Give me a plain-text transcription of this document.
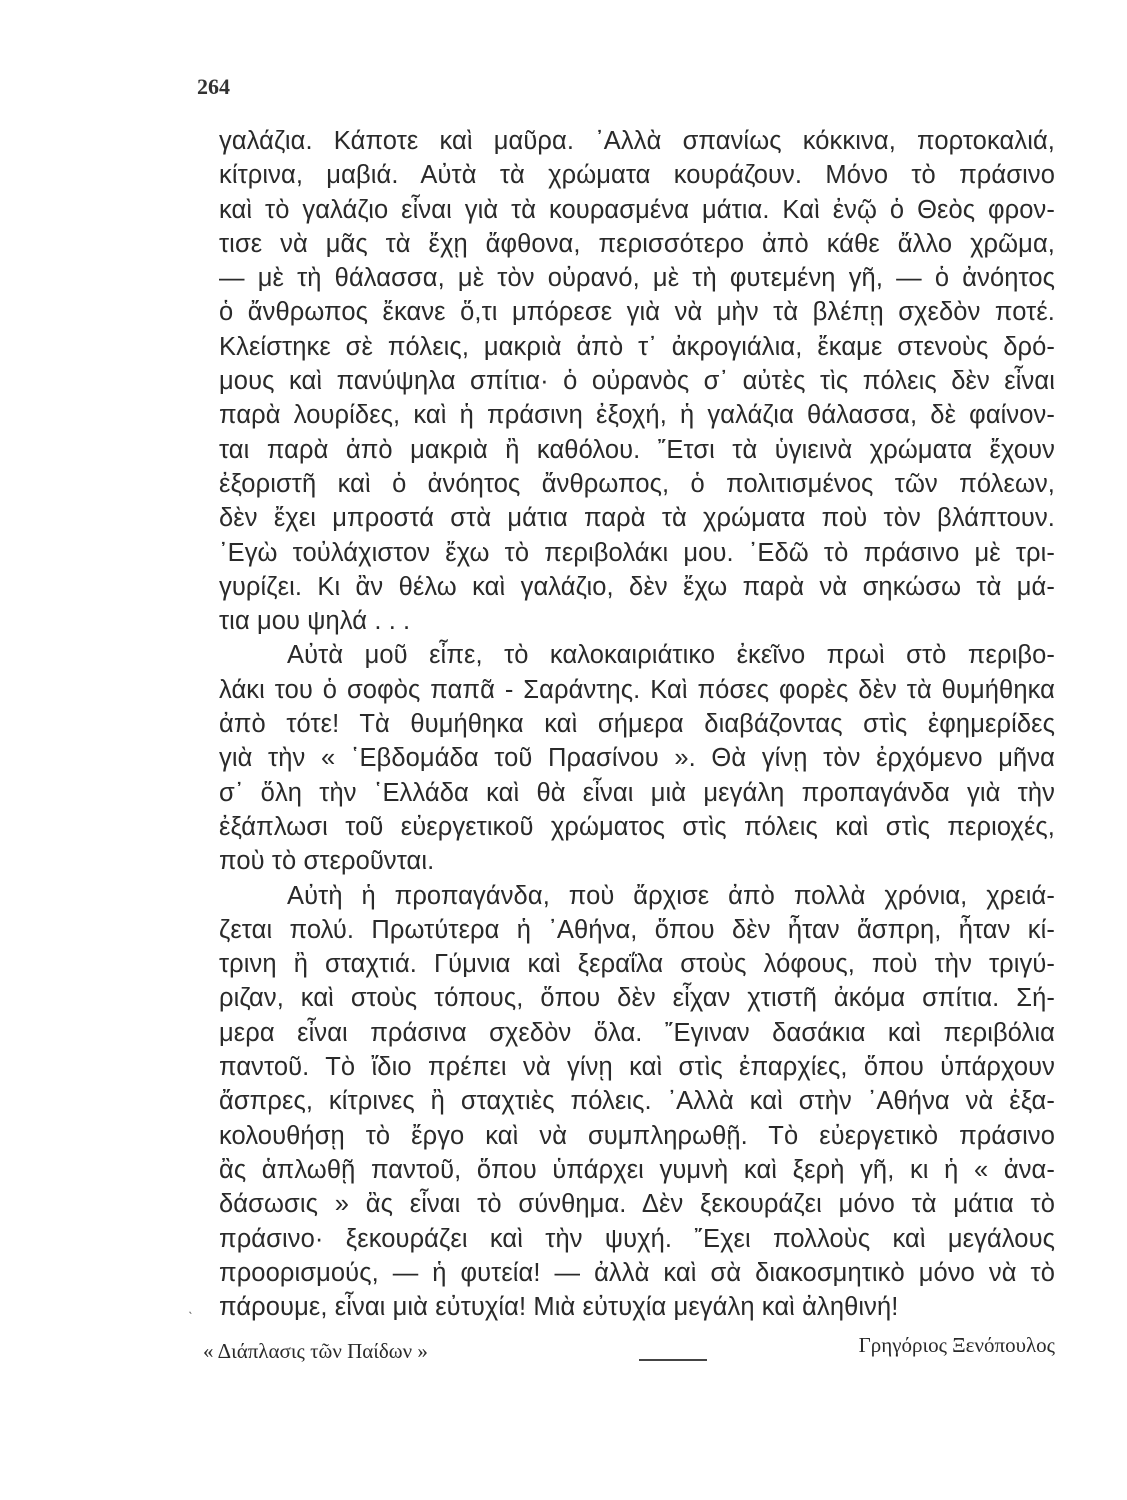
264
γαλάζια. Κάποτε καὶ μαῦρα. ᾿Αλλὰ σπανίως κόκκινα, πορτοκαλιά,
κίτρινα, μαβιά. Αὐτὰ τὰ χρώματα κουράζουν. Μόνο τὸ πράσινο
καὶ τὸ γαλάζιο εἶναι γιὰ τὰ κουρασμένα μάτια. Καὶ ἐνῷ ὁ Θεὸς φρον-
τισε νὰ μᾶς τὰ ἔχῃ ἄφθονα, περισσότερο ἀπὸ κάθε ἄλλο χρῶμα,
— μὲ τὴ θάλασσα, μὲ τὸν οὐρανό, μὲ τὴ φυτεμένη γῆ, — ὁ ἀνόητος
ὁ ἄνθρωπος ἔκανε ὅ,τι μπόρεσε γιὰ νὰ μὴν τὰ βλέπῃ σχεδὸν ποτέ.
Κλείστηκε σὲ πόλεις, μακριὰ ἀπὸ τ᾿ ἀκρογιάλια, ἔκαμε στενοὺς δρό-
μους καὶ πανύψηλα σπίτια· ὁ οὐρανὸς σ᾿ αὐτὲς τὶς πόλεις δὲν εἶναι
παρὰ λουρίδες, καὶ ἡ πράσινη ἐξοχή, ἡ γαλάζια θάλασσα, δὲ φαίνον-
ται παρὰ ἀπὸ μακριὰ ἢ καθόλου. ῎Ετσι τὰ ὑγιεινὰ χρώματα ἔχουν
ἐξοριστῆ καὶ ὁ ἀνόητος ἄνθρωπος, ὁ πολιτισμένος τῶν πόλεων,
δὲν ἔχει μπροστά στὰ μάτια παρὰ τὰ χρώματα ποὺ τὸν βλάπτουν.
᾿Εγὼ τοὐλάχιστον ἔχω τὸ περιβολάκι μου. ᾿Εδῶ τὸ πράσινο μὲ τρι-
γυρίζει. Κι ἂν θέλω καὶ γαλάζιο, δὲν ἔχω παρὰ νὰ σηκώσω τὰ μά-
τια μου ψηλά . . .
Αὐτὰ μοῦ εἶπε, τὸ καλοκαιριάτικο ἐκεῖνο πρωὶ στὸ περιβο-
λάκι του ὁ σοφὸς παπᾶ - Σαράντης. Καὶ πόσες φορὲς δὲν τὰ θυμήθηκα
ἀπὸ τότε! Τὰ θυμήθηκα καὶ σήμερα διαβάζοντας στὶς ἐφημερίδες
γιὰ τὴν « ῾Εβδομάδα τοῦ Πρασίνου ». Θὰ γίνῃ τὸν ἐρχόμενο μῆνα
σ᾿ ὅλη τὴν ῾Ελλάδα καὶ θὰ εἶναι μιὰ μεγάλη προπαγάνδα γιὰ τὴν
ἐξάπλωσι τοῦ εὐεργετικοῦ χρώματος στὶς πόλεις καὶ στὶς περιοχές,
ποὺ τὸ στεροῦνται.
Αὐτὴ ἡ προπαγάνδα, ποὺ ἄρχισε ἀπὸ πολλὰ χρόνια, χρειά-
ζεται πολύ. Πρωτύτερα ἡ ᾿Αθήνα, ὅπου δὲν ἦταν ἄσπρη, ἦταν κί-
τρινη ἢ σταχτιά. Γύμνια καὶ ξεραΐλα στοὺς λόφους, ποὺ τὴν τριγύ-
ριζαν, καὶ στοὺς τόπους, ὅπου δὲν εἶχαν χτιστῆ ἀκόμα σπίτια. Σή-
μερα εἶναι πράσινα σχεδὸν ὅλα. ῎Εγιναν δασάκια καὶ περιβόλια
παντοῦ. Τὸ ἴδιο πρέπει νὰ γίνῃ καὶ στὶς ἐπαρχίες, ὅπου ὑπάρχουν
ἄσπρες, κίτρινες ἢ σταχτιὲς πόλεις. ᾿Αλλὰ καὶ στὴν ᾿Αθήνα νὰ ἐξα-
κολουθήσῃ τὸ ἔργο καὶ νὰ συμπληρωθῇ. Τὸ εὐεργετικὸ πράσινο
ἂς ἁπλωθῇ παντοῦ, ὅπου ὑπάρχει γυμνὴ καὶ ξερὴ γῆ, κι ἡ « ἀνα-
δάσωσις » ἂς εἶναι τὸ σύνθημα. Δὲν ξεκουράζει μόνο τὰ μάτια τὸ
πράσινο· ξεκουράζει καὶ τὴν ψυχή. ῎Εχει πολλοὺς καὶ μεγάλους
προορισμούς, — ἡ φυτεία! — ἀλλὰ καὶ σὰ διακοσμητικὸ μόνο νὰ τὸ
πάρουμε, εἶναι μιὰ εὐτυχία! Μιὰ εὐτυχία μεγάλη καὶ ἀληθινή!
ˎ
« Διάπλασις τῶν Παίδων »	Γρηγόριος Ξενόπουλος
